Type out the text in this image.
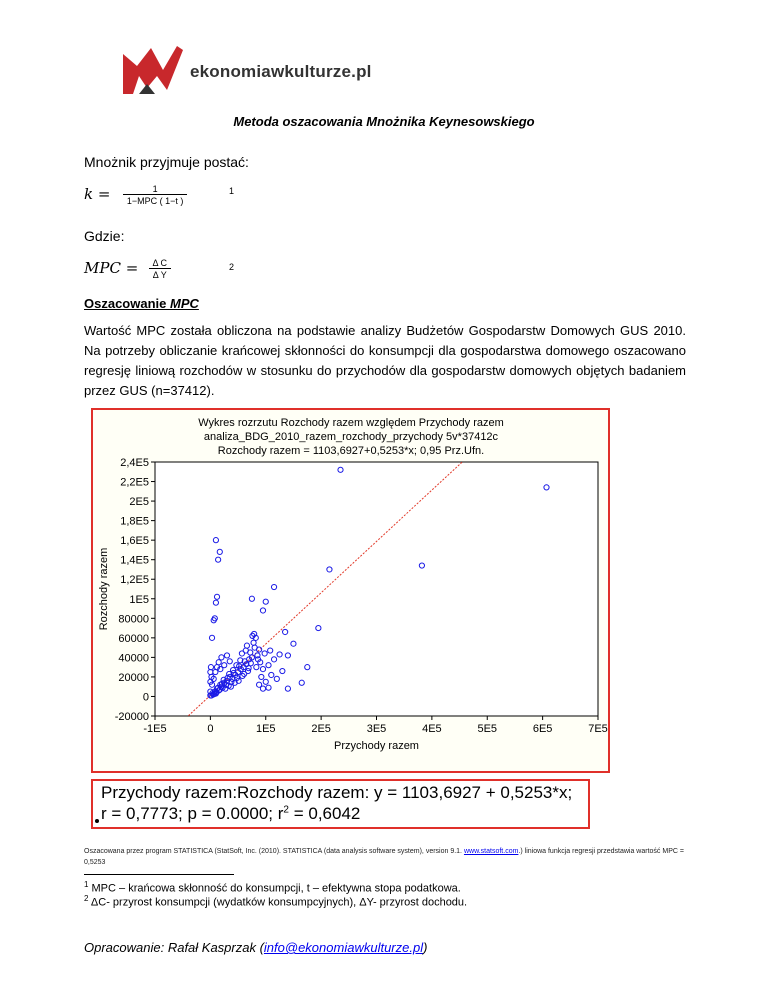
ekonomiawkulturze.pl
Metoda oszacowania Mnożnika Keynesowskiego
Mnożnik przyjmuje postać:
$k = \frac{1}{\text{1−MPC ( 1−t )}}$	1
Gdzie:
MPC = $\frac{\text{Δ C}}{\text{Δ Y}}$	2
Oszacowanie MPC
Wartość MPC została obliczona na podstawie analizy Budżetów Gospodarstw Domowych GUS 2010. Na potrzeby obliczanie krańcowej skłonności do konsumpcji dla gospodarstwa domowego oszacowano regresję liniową rozchodów w stosunku do przychodów dla gospodarstw domowych objętych badaniem przez GUS (n=37412).
Wykres rozrzutu Rozchody razem względem Przychody razem
analiza_BDG_2010_razem_rozchody_przychody 5v*37412c
Rozchody razem = 1103,6927+0,5253*x; 0,95 Prz.Ufn.
-20000
0
20000
40000
60000
80000
1E5
1,2E5
1,4E5
1,6E5
1,8E5
2E5
2,2E5
2,4E5
-1E5	0	1E5	2E5	3E5	4E5	5E5	6E5	7E5
Przychody razem
Rozchody razem
Przychody razem:Rozchody razem: y = 1103,6927 + 0,5253*x;
r = 0,7773; p = 0.0000; $r^2 = 0,6042$
Oszacowana przez program STATISTICA (StatSoft, Inc. (2010). STATISTICA (data analysis software system), version 9.1. www.statsoft.com.) liniowa funkcja regresji przedstawia wartość MPC = 0,5253
$^1$ MPC – krańcowa skłonność do konsumpcji, t – efektywna stopa podatkowa.
$^2$ ΔC- przyrost konsumpcji (wydatków konsumpcyjnych), ΔY- przyrost dochodu.
Opracowanie: Rafał Kasprzak (info@ekonomiawkulturze.pl)
